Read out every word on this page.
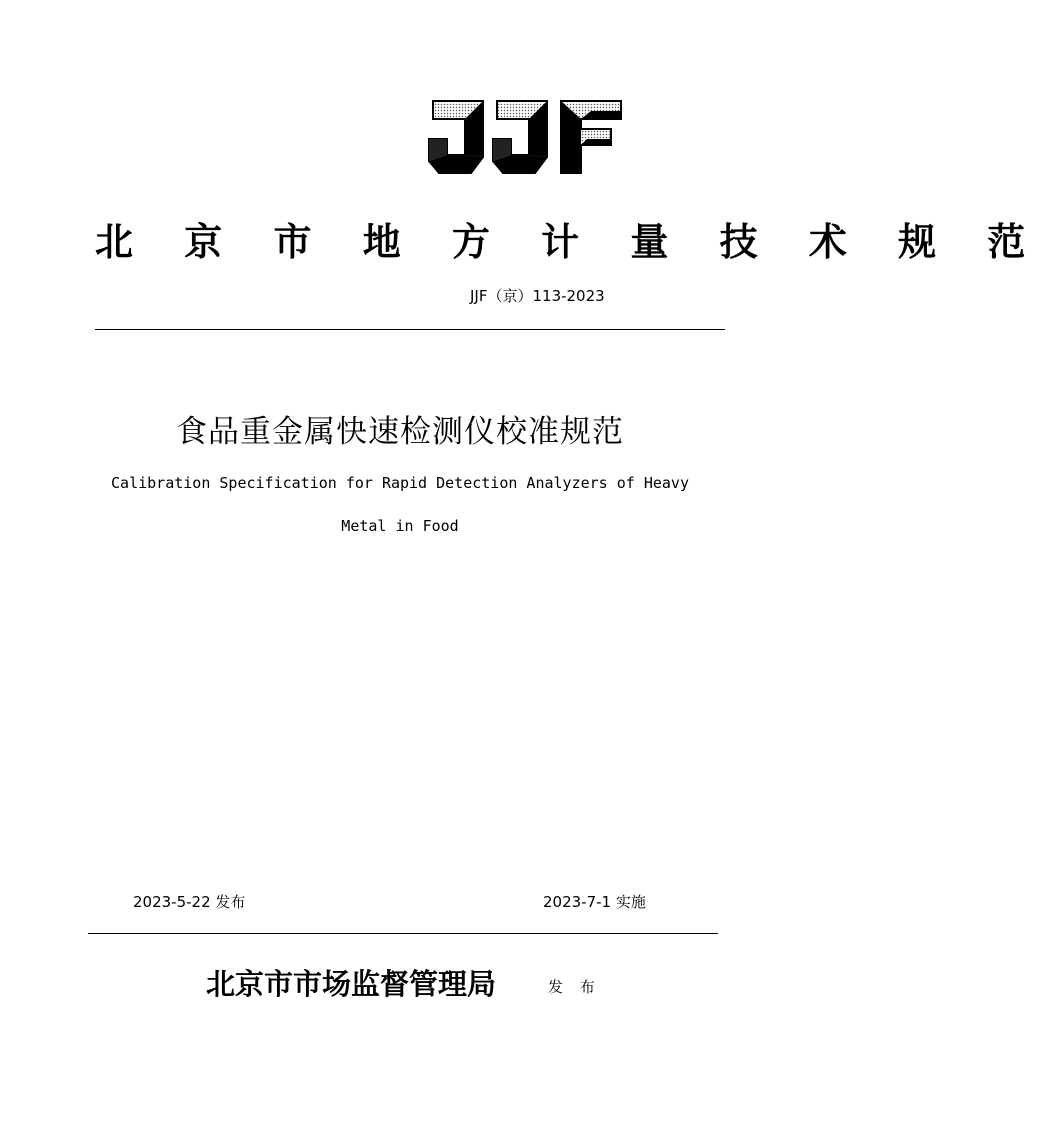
北 京 市 地 方 计 量 技 术 规 范
JJF（京）113-2023
食品重金属快速检测仪校准规范
Calibration Specification for Rapid Detection Analyzers of Heavy
Metal in Food
2023-5-22 发布	2023-7-1 实施
北京市市场监督管理局	发 布
